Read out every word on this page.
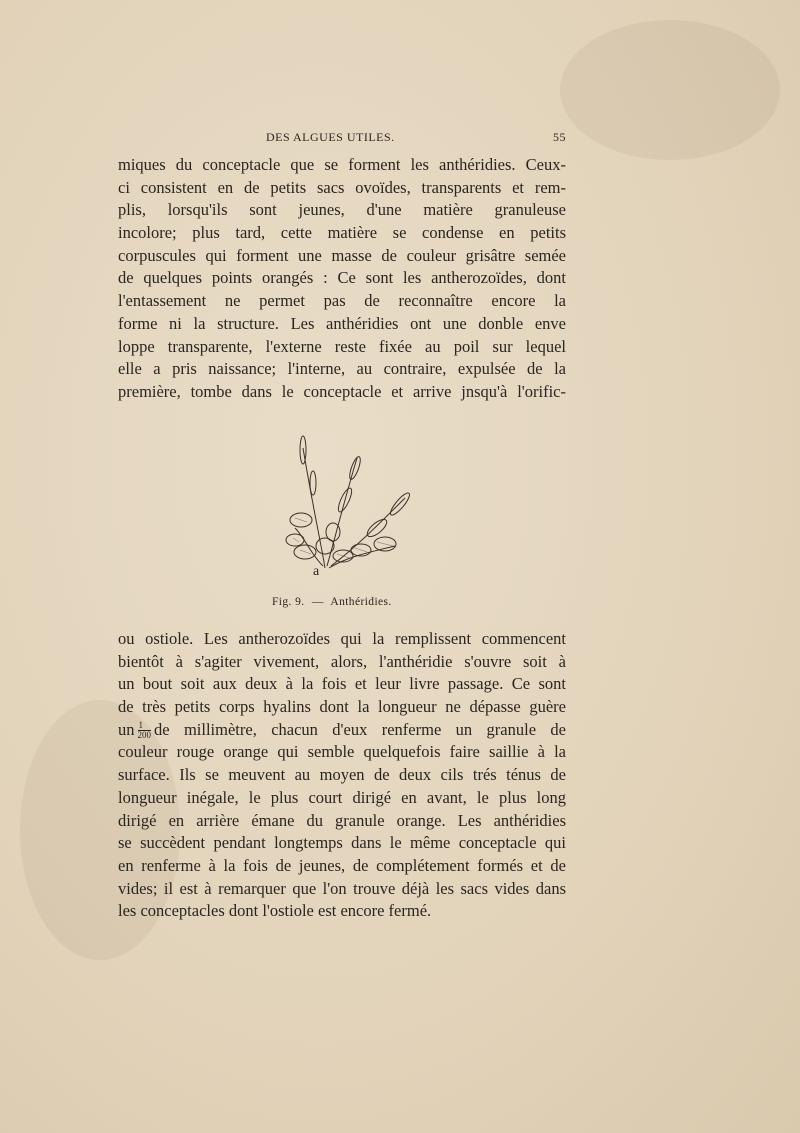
DES ALGUES UTILES.	55
miques du conceptacle que se forment les anthéridies. Ceux-
ci consistent en de petits sacs ovoïdes, transparents et rem-
plis, lorsqu'ils sont jeunes, d'une matière granuleuse
incolore; plus tard, cette matière se condense en petits
corpuscules qui forment une masse de couleur grisâtre semée
de quelques points orangés : Ce sont les antherozoïdes, dont
l'entassement ne permet pas de reconnaître encore la
forme ni la structure. Les anthéridies ont une donble enve
loppe transparente, l'externe reste fixée au poil sur lequel
elle a pris naissance; l'interne, au contraire, expulsée de la
première, tombe dans le conceptacle et arrive jnsqu'à l'orific-
a
Fig. 9. — Anthéridies.
ou ostiole. Les antherozoïdes qui la remplissent commencent
bientôt à s'agiter vivement, alors, l'anthéridie s'ouvre soit à
un bout soit aux deux à la fois et leur livre passage. Ce sont
de très petits corps hyalins dont la longueur ne dépasse guère
un $\frac{1}{200}$ de millimètre, chacun d'eux renferme un granule de
couleur rouge orange qui semble quelquefois faire saillie à la
surface. Ils se meuvent au moyen de deux cils trés ténus de
longueur inégale, le plus court dirigé en avant, le plus long
dirigé en arrière émane du granule orange. Les anthéridies
se succèdent pendant longtemps dans le même conceptacle qui
en renferme à la fois de jeunes, de complétement formés et de
vides; il est à remarquer que l'on trouve déjà les sacs vides dans
les conceptacles dont l'ostiole est encore fermé.
